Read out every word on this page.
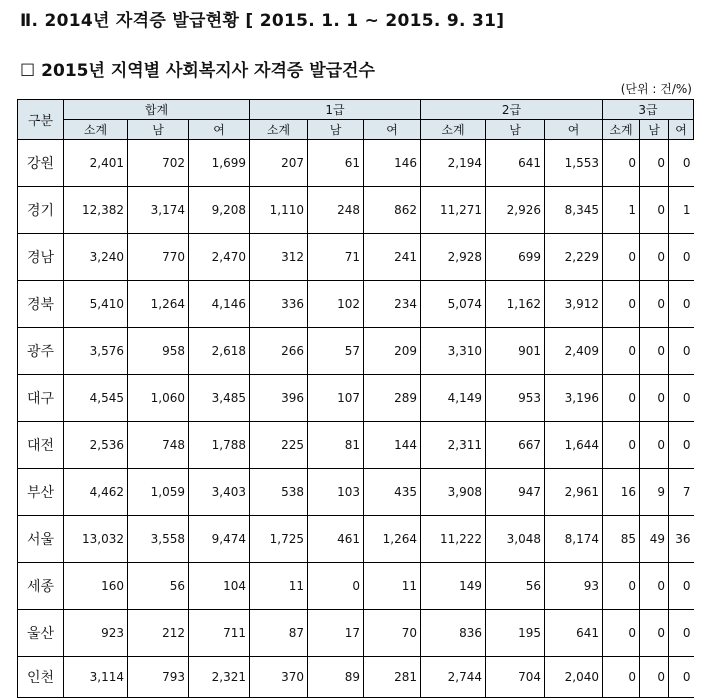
Ⅱ. 2014년 자격증 발급현황 [ 2015. 1. 1 ~ 2015. 9. 31]
☐ 2015년 지역별 사회복지사 자격증 발급건수
(단위 : 건/%)
구분	합계			1급			2급			3급		
	소계	남	여	소계	남	여	소계	남	여	소계	남	여
강원	2,401	702	1,699	207	61	146	2,194	641	1,553	0	0	0
경기	12,382	3,174	9,208	1,110	248	862	11,271	2,926	8,345	1	0	1
경남	3,240	770	2,470	312	71	241	2,928	699	2,229	0	0	0
경북	5,410	1,264	4,146	336	102	234	5,074	1,162	3,912	0	0	0
광주	3,576	958	2,618	266	57	209	3,310	901	2,409	0	0	0
대구	4,545	1,060	3,485	396	107	289	4,149	953	3,196	0	0	0
대전	2,536	748	1,788	225	81	144	2,311	667	1,644	0	0	0
부산	4,462	1,059	3,403	538	103	435	3,908	947	2,961	16	9	7
서울	13,032	3,558	9,474	1,725	461	1,264	11,222	3,048	8,174	85	49	36
세종	160	56	104	11	0	11	149	56	93	0	0	0
울산	923	212	711	87	17	70	836	195	641	0	0	0
인천	3,114	793	2,321	370	89	281	2,744	704	2,040	0	0	0
